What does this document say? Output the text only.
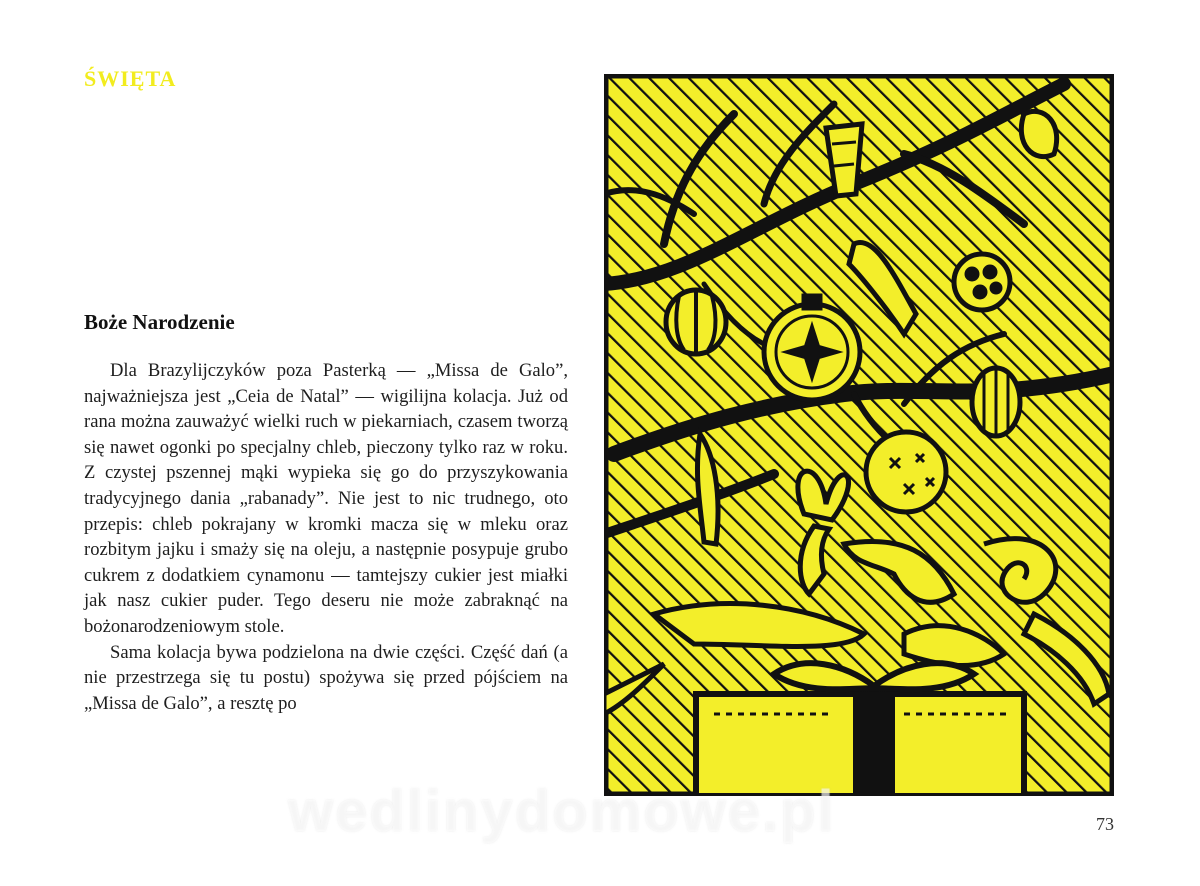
ŚWIĘTA
Boże Narodzenie

Dla Brazylijczyków poza Pasterką — „Missa de Galo”, najważniejsza jest „Ceia de Natal” — wigilijna kolacja. Już od rana można zauważyć wielki ruch w piekarniach, czasem tworzą się nawet ogonki po specjalny chleb, pieczony tylko raz w roku. Z czystej pszennej mąki wypieka się go do przyszykowania tradycyjnego dania „rabanady”. Nie jest to nic trudnego, oto przepis: chleb pokrajany w kromki macza się w mleku oraz rozbitym jajku i smaży się na oleju, a następnie posypuje grubo cukrem z dodatkiem cynamonu — tamtejszy cukier jest miałki jak nasz cukier puder. Tego deseru nie może zabraknąć na bożonarodzeniowym stole.

Sama kolacja bywa podzielona na dwie części. Część dań (a nie przestrzega się tu postu) spożywa się przed pójściem na „Missa de Galo”, a resztę po

73
wedlinydomowe.pl
